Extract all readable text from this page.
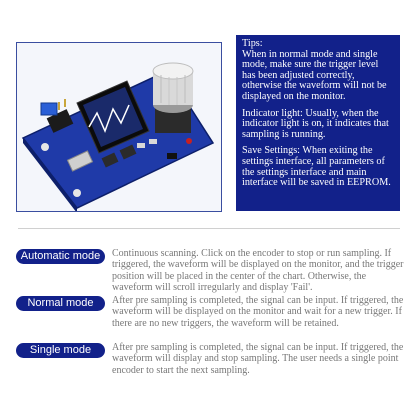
Tips:

When in normal mode and single mode, make sure the trigger level has been adjusted correctly, otherwise the waveform will not be displayed on the monitor.

Indicator light: Usually, when the indicator light is on, it indicates that sampling is running.

Save Settings: When exiting the settings interface, all parameters of the settings interface and main interface will be saved in EEPROM.

Automatic mode	Continuous scanning. Click on the encoder to stop or run sampling. If triggered, the waveform will be displayed on the monitor, and the trigger position will be placed in the center of the chart. Otherwise, the waveform will scroll irregularly and display 'Fail'.

Normal mode	After pre sampling is completed, the signal can be input. If triggered, the waveform will be displayed on the monitor and wait for a new trigger. If there are no new triggers, the waveform will be retained.

Single mode	After pre sampling is completed, the signal can be input. If triggered, the waveform will display and stop sampling. The user needs a single point encoder to start the next sampling.
